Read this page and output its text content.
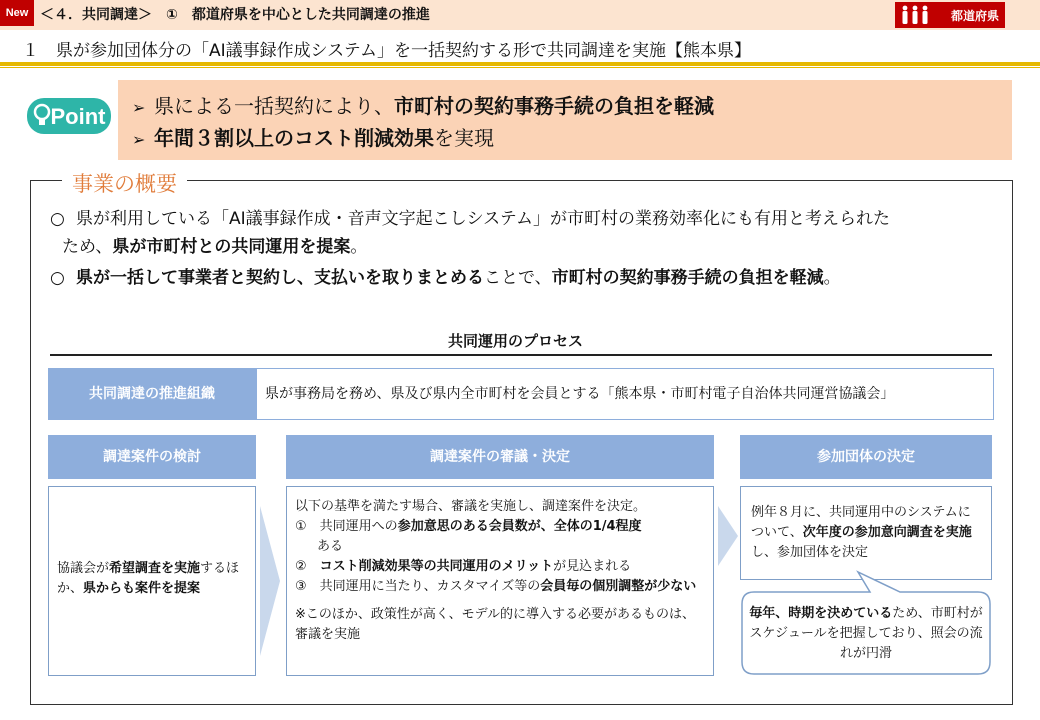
New ＜４．共同調達＞　①　都道府県を中心とした共同調達の推進	都道府県
１　県が参加団体分の「AI議事録作成システム」を一括契約する形で共同調達を実施【熊本県】
Point ➢ 県による一括契約により、市町村の契約事務手続の負担を軽減
➢ 年間３割以上のコスト削減効果を実現
事業の概要
○ 県が利用している「AI議事録作成・音声文字起こしシステム」が市町村の業務効率化にも有用と考えられた
ため、県が市町村との共同運用を提案。
○ 県が一括して事業者と契約し、支払いを取りまとめることで、市町村の契約事務手続の負担を軽減。
共同運用のプロセス
共同調達の推進組織	県が事務局を務め、県及び県内全市町村を会員とする「熊本県・市町村電子自治体共同運営協議会」
調達案件の検討	調達案件の審議・決定	参加団体の決定
協議会が希望調査を実施するほか、県からも案件を提案
以下の基準を満たす場合、審議を実施し、調達案件を決定。
①　 共同運用への参加意思のある会員数が、全体の1/4程度
ある
②　 コスト削減効果等の共同運用のメリットが見込まれる
③　 共同運用に当たり、カスタマイズ等の会員毎の個別調整が少ない
※このほか、政策性が高く、モデル的に導入する必要があるものは、審議を実施
例年８月に、共同運用中のシステムについて、次年度の参加意向調査を実施し、参加団体を決定
毎年、時期を決めているため、市町村がスケジュールを把握しており、照会の流れが円滑
